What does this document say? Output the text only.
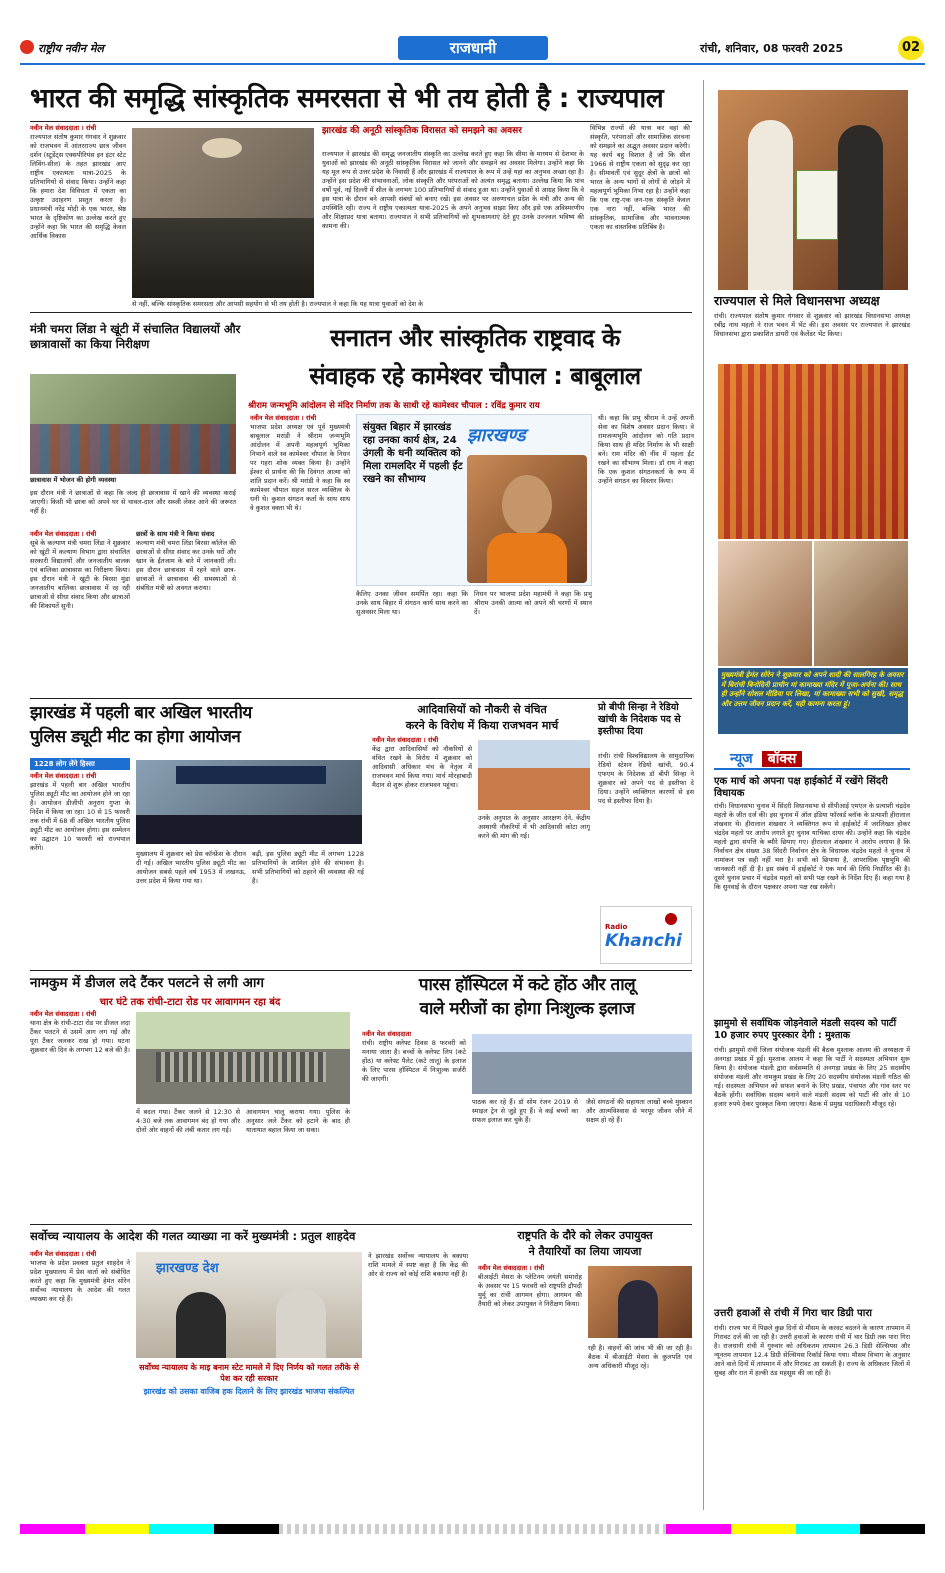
राष्ट्रीय नवीन मेल	राजधानी	रांची, शनिवार, 08 फरवरी 2025	02
भारत की समृद्धि सांस्कृतिक समरसता से भी तय होती है : राज्यपाल
नवीन मेल संवाददाता । रांची
राज्यपाल संतोष कुमार गंगवार ने शुक्रवार को राजभवन में आंतरराज्य छात्र जीवन दर्शन (स्टूडेंट्स एक्सपीरियंस इन इंटर स्टेट लिविंग-सील) के तहत झारखंड आए राष्ट्रीय एकात्मता यात्रा-2025 के प्रतिभागियों से संवाद किया। उन्होंने कहा कि हमारा देश विविधता में एकता का उत्कृष्ट उदाहरण प्रस्तुत करता है। प्रधानमंत्री नरेंद्र मोदी के एक भारत, श्रेष्ठ भारत के दृष्टिकोण का उल्लेख करते हुए उन्होंने कहा कि भारत की समृद्धि केवल आर्थिक विकास
झारखंड की अनूठी सांस्कृतिक विरासत को समझने का अवसर
राज्यपाल ने झारखंड की समृद्ध जनजातीय संस्कृति का उल्लेख करते हुए कहा कि सीमा के माध्यम से देशभर के युवाओं को झारखंड की अनूठी सांस्कृतिक विरासत को जानने और समझने का अवसर मिलेगा। उन्होंने कहा कि यह मूल रूप से उत्तर प्रदेश के निवासी हैं और झारखंड में राज्यपाल के रूप में उन्हें यहां का अनुभव अच्छा रहा है। उन्होंने इस प्रदेश की संभावनाओं, लोक संस्कृति और परंपराओं को अत्यंत समृद्ध बताया। उल्लेख किया कि पांच वर्षों पूर्व, नई दिल्ली में सील के लगभग 100 प्रतिभागियों से संवाद हुआ था। उन्होंने युवाओं से आग्रह किया कि वे इस यात्रा के दौरान बने आपसी संबंधों को बनाए रखें। इस अवसर पर अरुणाचल प्रदेश के मंत्री और अन्य की उपस्थिति रही। राज्य ने राष्ट्रीय एकात्मता यात्रा-2025 के अपने अनुभव साझा किए और इसे एक अविस्मरणीय और शिक्षाप्रद यात्रा बताया। राज्यपाल ने सभी प्रतिभागियों को शुभकामनाएं देते हुए उनके उज्ज्वल भविष्य की कामना की।
विभिन्न राज्यों की यात्रा कर वहां की संस्कृति, परंपराओं और सामाजिक संरचना को समझने का अद्भुत अवसर प्रदान करेगी। यह कार्य बहु विशाल है जो कि सील 1966 से राष्ट्रीय एकता को सुदृढ़ कर रहा है। सीमावर्ती एवं सुदूर क्षेत्रों के छात्रों को भारत के अन्य भागों से लोगों से जोड़ने में महत्वपूर्ण भूमिका निभा रहा है। उन्होंने कहा कि एक राष्ट्र-एक जन-एक संस्कृति केवल एक नारा नहीं, बल्कि भारत की सांस्कृतिक, सामाजिक और भावनात्मक एकता का वास्तविक प्रतिबिंब है।
से नहीं, बल्कि सांस्कृतिक समरसता और आपसी सहयोग से भी तय होती है। राज्यपाल ने कहा कि यह यात्रा युवाओं को देश के	राज्यपाल से मिले विधानसभा अध्यक्ष
रांची। राज्यपाल संतोष कुमार गंगवार से शुक्रवार को झारखंड विधानसभा अध्यक्ष रबींद्र नाथ महतो ने राज भवन में भेंट की। इस अवसर पर राज्यपाल ने झारखंड विधानसभा द्वारा प्रकाशित डायरी एवं कैलेंडर भेंट किया।
मुख्यमंत्री हेमंत सोरेन ने शुक्रवार को अपने शादी की सालगिरह के अवसर में बिरांची बिनोदिनी प्राचीन मां कामाख्या मंदिर में पूजा-अर्चना की। साथ ही उन्होंने सोशल मीडिया पर लिखा, मां कामाख्या सभी को सुखी, समृद्ध और उत्तम जीवन प्रदान करें, यही कामना करता हूं।
न्यूज बॉक्स
एक मार्च को अपना पक्ष हाईकोर्ट में रखेंगे सिंदरी विधायक
रांची। विधानसभा चुनाव में सिंदरी विधानसभा से सीपीआई एमएल के प्रत्याशी चंद्रदेव महतो के जीत दर्ज की। इस चुनाव में ऑल इंडिया फॉरवर्ड ब्लॉक के प्रत्याशी हीरालाल शंखवार थे। हीरालाल शंखवार ने व्यक्तिगत रूप से हाईकोर्ट में जरलिखत होकर चंद्रदेव महतो पर आरोप लगाते हुए चुनाव याचिका दायर की। उन्होंने कहा कि चंद्रदेव महतो द्वारा संपत्ति के ब्यौरे छिपाए गए। हीरालाल शंखवार ने आरोप लगाया है कि निर्वाचन क्षेत्र संख्या 38 सिंदरी निर्वाचन क्षेत्र के विधायक चंद्रदेव महतो ने चुनाव में नामांकन पत्र सही नहीं भरा है। सभी को छिपाया है, आपराधिक पृष्ठभूमि की जानकारी नहीं दी है। इस संबंध में हाईकोर्ट ने एक मार्च की तिथि निर्धारित की है। दूसरे चुनाव प्रचार में चंद्रदेव महतो को सभी पक्ष रखने के निर्देश दिए हैं। कहा गया है कि सुनवाई के दौरान पक्षकार अपना पक्ष रख सकेंगे।
झामुमो से सर्वाधिक जोड़नेवाले मंडली सदस्य को पार्टी 10 हजार रुपए पुरस्कार देगी : मुश्ताक
रांची। झामुमो रांची जिला संयोजक मंडली की बैठक मुश्ताक आलम की अध्यक्षता में अनगड़ा प्रखंड में हुई। मुश्ताक आलम ने कहा कि पार्टी ने सदस्यता अभियान शुरू किया है। संयोजक मंडली द्वारा सर्वसम्मति से अनगड़ा प्रखंड के लिए 25 सदस्यीय संयोजक मंडली और नामकुम प्रखंड के लिए 20 सदस्यीय संयोजक मंडली गठित की गई। सदस्यता अभियान को सफल बनाने के लिए प्रखंड, पंचायत और गांव स्तर पर बैठकें होंगी। सर्वाधिक सदस्य बनाने वाले मंडली सदस्य को पार्टी की ओर से 10 हजार रुपये देकर पुरस्कृत किया जाएगा। बैठक में प्रमुख पदाधिकारी मौजूद रहे।
उत्तरी हवाओं से रांची में गिरा चार डिग्री पारा
रांची। राज्य भर में पिछले कुछ दिनों से मौसम के करवट बदलने के कारण तापमान में गिरावट दर्ज की जा रही है। उत्तरी हवाओं के कारण रांची में चार डिग्री तक पारा गिरा है। राजधानी रांची में गुरुवार को अधिकतम तापमान 26.3 डिग्री सेल्सियस और न्यूनतम तापमान 12.4 डिग्री सेल्सियस रिकॉर्ड किया गया। मौसम विभाग के अनुसार आने वाले दिनों में तापमान में और गिरावट आ सकती है। राज्य के अधिकतर जिलों में सुबह और रात में हल्की ठंड महसूस की जा रही है।
मंत्री चमरा लिंडा ने खूंटी में संचालित विद्यालयों और छात्रावासों का किया निरीक्षण
छात्रावास में भोजन की होगी व्यवस्था
इस दौरान मंत्री ने छात्राओं से कहा कि जल्द ही छात्रावास में खाने की व्यवस्था कराई जाएगी। किसी भी छात्रा को अपने घर से चावल-दाल और सब्जी लेकर आने की जरूरत नहीं है।
नवीन मेल संवाददाता । रांची
सूबे के कल्याण मंत्री चमरा लिंडा ने शुक्रवार को खूंटी में कल्याण विभाग द्वारा संचालित सरकारी विद्यालयों और जनजातीय बालक एवं बालिका छात्रावास का निरीक्षण किया। इस दौरान मंत्री ने खूंटी के बिरसा मुंडा जनजातीय बालिका छात्रावास में रह रही छात्राओं से सीधा संवाद किया और छात्राओं की शिकायतें सुनी।
छात्रों के साथ मंत्री ने किया संवाद
कल्याण मंत्री चमरा लिंडा बिरसा कॉलेज की छात्राओं से सीधा संवाद कर उनके घरों और खान के ईंतजाम के बारे में जानकारी ली। इस दौरान छात्रावास में रहने वाले छात्र-छात्राओं ने छात्रावास की समस्याओं से संबंधित मंत्री को अवगत कराया।
सनातन और सांस्कृतिक राष्ट्रवाद के
संवाहक रहे कामेश्वर चौपाल : बाबूलाल
श्रीराम जन्मभूमि आंदोलन से मंदिर निर्माण तक के साथी रहे कामेश्वर चौपाल : रविंद्र कुमार राय
नवीन मेल संवाददाता । रांची
भाजपा प्रदेश अध्यक्ष एवं पूर्व मुख्यमंत्री बाबूलाल मरांडी ने श्रीराम जन्मभूमि आंदोलन में अपनी महत्वपूर्ण भूमिका निभाने वाले स्व कामेश्वर चौपाल के निधन पर गहरा शोक व्यक्त किया है। उन्होंने ईश्वर से प्रार्थना की कि दिवंगत आत्मा को शांति प्रदान करें। श्री मरांडी ने कहा कि स्व कामेश्वर चौपाल सहज सरल व्यक्तित्व के धनी थे। कुशल संगठन कर्ता के साथ साथ वे कुशल वक्ता भी थे।
संयुक्त बिहार में झारखंड रहा उनका कार्य क्षेत्र, 24 उंगली के धनी व्यक्तित्व को मिला रामलदिर में पहली ईंट रखने का सौभाग्य
झारखण्ड
थी। कहा कि प्रभु श्रीराम ने उन्हें अपनी सेवा का विशेष अवसर प्रदान किया। वे रामजन्मभूमि आंदोलन को गति प्रदान किया साथ ही मंदिर निर्माण के भी साक्षी बने। राम मंदिर की नींव में पहला ईंट रखने का सौभाग्य मिला। डॉ राय ने कहा कि एक कुशल संगठनकर्ता के रूप में उन्होंने संगठन का विस्तार किया।
कैलिए उनका जीवन समर्पित रहा। कहा कि उनके साथ बिहार में संगठन कार्य साथ करने का सुअवसर मिला था।
निधन पर भाजपा प्रदेश महामंत्री ने कहा कि प्रभु श्रीराम उनकी आत्मा को अपने श्री चरणों में स्थान दें।
झारखंड में पहली बार अखिल भारतीय
पुलिस ड्यूटी मीट का होगा आयोजन
1228 लोग लेंगे हिस्सा
नवीन मेल संवाददाता । रांची
झारखंड में पहली बार अखिल भारतीय पुलिस ड्यूटी मीट का आयोजन होने जा रहा है। आयोजन डीजीपी अनुराग गुप्ता के निर्देश में किया जा रहा। 10 से 15 फरवरी तक रांची में 68 वीं अखिल भारतीय पुलिस ड्यूटी मीट का आयोजन होगा। इस सम्मेलन का उद्घाटन 10 फरवरी को राज्यपाल करेंगे।
मुख्यालय में शुक्रवार को प्रेस कॉन्फ्रेंस के दौरान दी गई। अखिल भारतीय पुलिस ड्यूटी मीट का आयोजन सबसे पहले वर्ष 1953 में लखनऊ, उत्तर प्रदेश में किया गया था।
बढ़ी, इस पुलिस ड्यूटी मीट में लगभग 1228 प्रतिभागियों के शामिल होने की संभावना है। सभी प्रतिभागियों को ठहरने की व्यवस्था की गई है।
आदिवासियों को नौकरी से वंचित
करने के विरोध में किया राजभवन मार्च
नवीन मेल संवाददाता । रांची
केंद्र द्वारा आदिवासियों को नौकरियों से वंचित रखने के विरोध में शुक्रवार को आदिवासी अधिकार मंच के नेतृत्व में राजभवन मार्च किया गया। मार्च मोरहाबादी मैदान से शुरू होकर राजभवन पहुंचा।
उनके अनुपात के अनुसार आरक्षण देने, केंद्रीय अस्थायी नौकरियों में भी आदिवासी कोटा लागू करने की मांग की गई।
प्रो बीपी सिन्हा ने रेडियो खांची के निदेशक पद से इस्तीफा दिया
रांची। रांची विश्वविद्यालय के सामुदायिक रेडियो स्टेशन रेडियो खांची, 90.4 एफएम के निदेशक डॉ बीपी सिन्हा ने शुक्रवार को अपने पद से इस्तीफा दे दिया। उन्होंने व्यक्तिगत कारणों से इस पद से इस्तीफा दिया है।
Radio
Khanchi
नामकुम में डीजल लदे टैंकर पलटने से लगी आग
चार घंटे तक रांची-टाटा रोड पर आवागमन रहा बंद
नवीन मेल संवाददाता । रांची
थाना क्षेत्र के रांची-टाटा रोड पर डीजल लदा टैंकर पलटने से उसमें आग लग गई और पूरा टैंकर जलकर राख हो गया। घटना शुक्रवार की दिन के लगभग 12 बजे की है।
में बदल गया। टैंकर जलने से 12:30 से 4:30 बजे तक आवागमन बंद हो गया और दोनों ओर वाहनों की लंबी कतार लग गई।
आवागमन चालू कराया गया। पुलिस के अनुसार जले टैंकर को हटाने के बाद ही यातायात बहाल किया जा सका।
पारस हॉस्पिटल में कटे होंठ और तालू
वाले मरीजों का होगा निःशुल्क इलाज
नवीन मेल संवाददाता
रांची। राष्ट्रीय क्लेफ्ट दिवस 8 फरवरी को मनाया जाता है। बच्चों के क्लेफ्ट लिप (कटे होंठ) या क्लेफ्ट पैलेट (कटे तालू) के इलाज के लिए पारस हॉस्पिटल में निःशुल्क सर्जरी की जाएगी।
पाठक कर रहे हैं। डॉ सोम रंजन 2019 से स्माइल ट्रेन से जुड़े हुए हैं। वे कई बच्चों का सफल इलाज कर चुके हैं।
जैसे संगठनों की सहायता लाखों बच्चे मुस्कान और आत्मविश्वास से भरपूर जीवन जीने में सक्षम हो रहे हैं।
सर्वोच्च न्यायालय के आदेश की गलत व्याख्या ना करें मुख्यमंत्री : प्रतुल शाहदेव
नवीन मेल संवाददाता । रांची
भाजपा के प्रदेश प्रवक्ता प्रतुल शाहदेव ने प्रदेश मुख्यालय में प्रेस वार्ता को संबोधित करते हुए कहा कि मुख्यमंत्री हेमंत सोरेन सर्वोच्च न्यायालय के आदेश की गलत व्याख्या कर रहे हैं।
झारखण्ड देश
सर्वोच्च न्यायालय के माइ बनाम स्टेट मामले में दिए निर्णय को गलत तरीके से पेश कर रही सरकार
झारखंड को उसका वाजिब हक दिलाने के लिए झारखंड भाजपा संकल्पित
ने झारखंड सर्वोच्च न्यायालय के बकाया राशि मामले में स्पष्ट कहा है कि केंद्र की ओर से राज्य को कोई राशि बकाया नहीं है।
राष्ट्रपति के दौरे को लेकर उपायुक्त
ने तैयारियों का लिया जायजा
नवीन मेल संवाददाता । रांची
बीआईटी मेसरा के प्लेटिनम जयंती समारोह के अवसर पर 15 फरवरी को राष्ट्रपति द्रौपदी मुर्मू का रांची आगमन होगा। आगमन की तैयारी को लेकर उपायुक्त ने निरीक्षण किया।
रही है। वाहनों की जांच भी की जा रही है। बैठक में बीआईटी मेसरा के कुलपति एवं अन्य अधिकारी मौजूद रहे।
